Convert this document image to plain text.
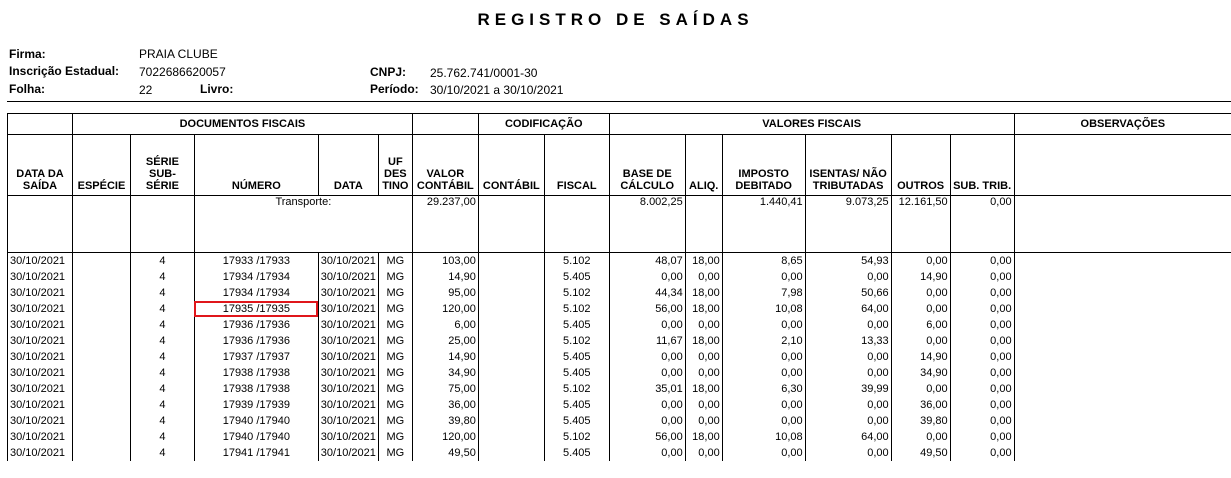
REGISTRO DE SAÍDAS
Firma:	PRAIA CLUBE
Inscrição Estadual: 7022686620057	CNPJ: 25.762.741/0001-30
Folha:	22	Livro:	Período: 30/10/2021 a 30/10/2021
	DOCUMENTOS FISCAIS						CODIFICAÇÃO		VALORES FISCAIS						OBSERVAÇÕES
DATA DA SAÍDA	ESPÉCIE	SÉRIE SUB- SÉRIE	NÚMERO	DATA	UF DES TINO	VALOR CONTÁBIL	CONTÁBIL	FISCAL	BASE DE CÁLCULO	ALIQ.	IMPOSTO DEBITADO	ISENTAS/ NÃO TRIBUTADAS	OUTROS	SUB. TRIB.	
			Transporte:			29.237,00			8.002,25		1.440,41	9.073,25	12.161,50	0,00	
30/10/2021		4	17933 /17933	30/10/2021	MG	103,00		5.102	48,07	18,00	8,65	54,93	0,00	0,00	
30/10/2021		4	17934 /17934	30/10/2021	MG	14,90		5.405	0,00	0,00	0,00	0,00	14,90	0,00	
30/10/2021		4	17934 /17934	30/10/2021	MG	95,00		5.102	44,34	18,00	7,98	50,66	0,00	0,00	
30/10/2021		4	17935 /17935	30/10/2021	MG	120,00		5.102	56,00	18,00	10,08	64,00	0,00	0,00	
30/10/2021		4	17936 /17936	30/10/2021	MG	6,00		5.405	0,00	0,00	0,00	0,00	6,00	0,00	
30/10/2021		4	17936 /17936	30/10/2021	MG	25,00		5.102	11,67	18,00	2,10	13,33	0,00	0,00	
30/10/2021		4	17937 /17937	30/10/2021	MG	14,90		5.405	0,00	0,00	0,00	0,00	14,90	0,00	
30/10/2021		4	17938 /17938	30/10/2021	MG	34,90		5.405	0,00	0,00	0,00	0,00	34,90	0,00	
30/10/2021		4	17938 /17938	30/10/2021	MG	75,00		5.102	35,01	18,00	6,30	39,99	0,00	0,00	
30/10/2021		4	17939 /17939	30/10/2021	MG	36,00		5.405	0,00	0,00	0,00	0,00	36,00	0,00	
30/10/2021		4	17940 /17940	30/10/2021	MG	39,80		5.405	0,00	0,00	0,00	0,00	39,80	0,00	
30/10/2021		4	17940 /17940	30/10/2021	MG	120,00		5.102	56,00	18,00	10,08	64,00	0,00	0,00	
30/10/2021		4	17941 /17941	30/10/2021	MG	49,50		5.405	0,00	0,00	0,00	0,00	49,50	0,00	
